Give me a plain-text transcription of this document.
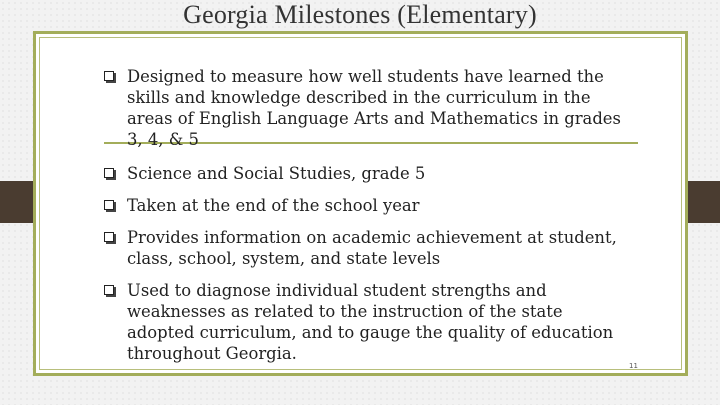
Georgia Milestones (Elementary)
Designed to measure how well students have learned the skills and knowledge described in the curriculum in the areas of English Language Arts and Mathematics in grades 3, 4, & 5
Science and Social Studies, grade 5
Taken at the end of the school year
Provides information on academic achievement at student, class, school, system, and state levels
Used to diagnose individual student strengths and weaknesses as related to the instruction of the state adopted curriculum, and to gauge the quality of education throughout Georgia.
11
